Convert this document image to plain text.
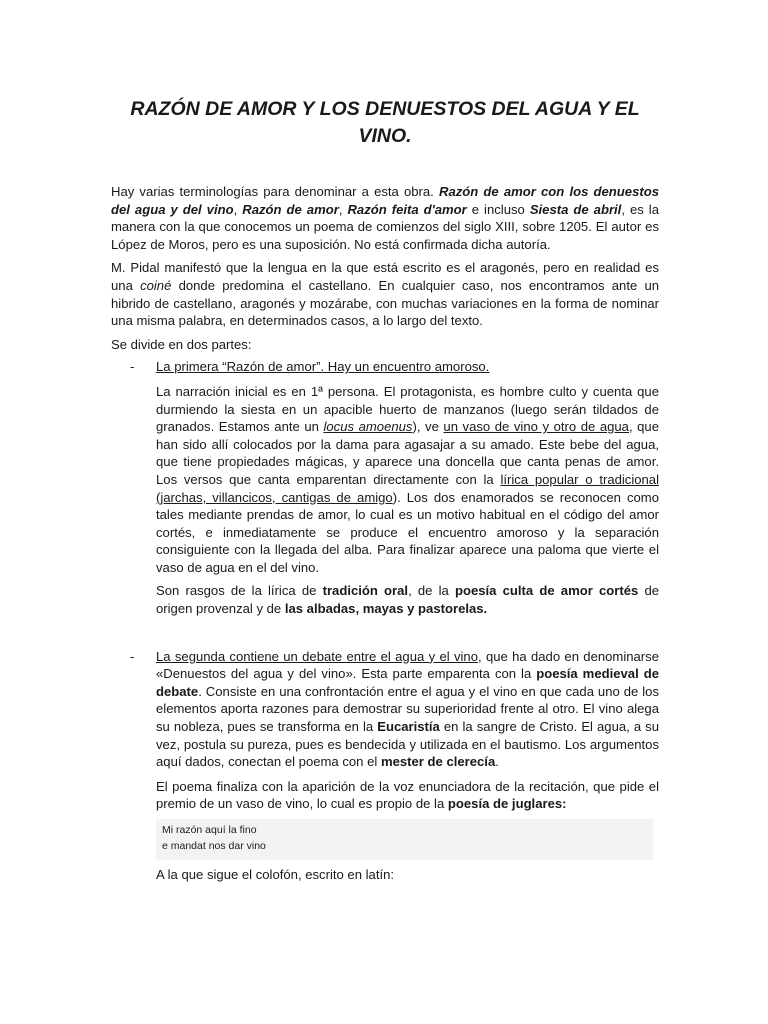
RAZÓN DE AMOR Y LOS DENUESTOS DEL AGUA Y EL
VINO.

Hay varias terminologías para denominar a esta obra. Razón de amor con los denuestos del agua y del vino, Razón de amor, Razón feita d'amor e incluso Siesta de abril, es la manera con la que conocemos un poema de comienzos del siglo XIII, sobre 1205. El autor es López de Moros, pero es una suposición. No está confirmada dicha autoría.

M. Pidal manifestó que la lengua en la que está escrito es el aragonés, pero en realidad es una coiné donde predomina el castellano. En cualquier caso, nos encontramos ante un hibrido de castellano, aragonés y mozárabe, con muchas variaciones en la forma de nominar una misma palabra, en determinados casos, a lo largo del texto.

Se divide en dos partes:

- La primera “Razón de amor”. Hay un encuentro amoroso.

La narración inicial es en 1ª persona. El protagonista, es hombre culto y cuenta que durmiendo la siesta en un apacible huerto de manzanos (luego serán tildados de granados. Estamos ante un locus amoenus), ve un vaso de vino y otro de agua, que han sido allí colocados por la dama para agasajar a su amado. Este bebe del agua, que tiene propiedades mágicas, y aparece una doncella que canta penas de amor. Los versos que canta emparentan directamente con la lírica popular o tradicional (jarchas, villancicos, cantigas de amigo). Los dos enamorados se reconocen como tales mediante prendas de amor, lo cual es un motivo habitual en el código del amor cortés, e inmediatamente se produce el encuentro amoroso y la separación consiguiente con la llegada del alba. Para finalizar aparece una paloma que vierte el vaso de agua en el del vino.

Son rasgos de la lírica de tradición oral, de la poesía culta de amor cortés de origen provenzal y de las albadas, mayas y pastorelas.

- La segunda contiene un debate entre el agua y el vino, que ha dado en denominarse «Denuestos del agua y del vino». Esta parte emparenta con la poesía medieval de debate. Consiste en una confrontación entre el agua y el vino en que cada uno de los elementos aporta razones para demostrar su superioridad frente al otro. El vino alega su nobleza, pues se transforma en la Eucaristía en la sangre de Cristo. El agua, a su vez, postula su pureza, pues es bendecida y utilizada en el bautismo. Los argumentos aquí dados, conectan el poema con el mester de clerecía.

El poema finaliza con la aparición de la voz enunciadora de la recitación, que pide el premio de un vaso de vino, lo cual es propio de la poesía de juglares:

Mi razón aquí la fino
e mandat nos dar vino

A la que sigue el colofón, escrito en latín:
